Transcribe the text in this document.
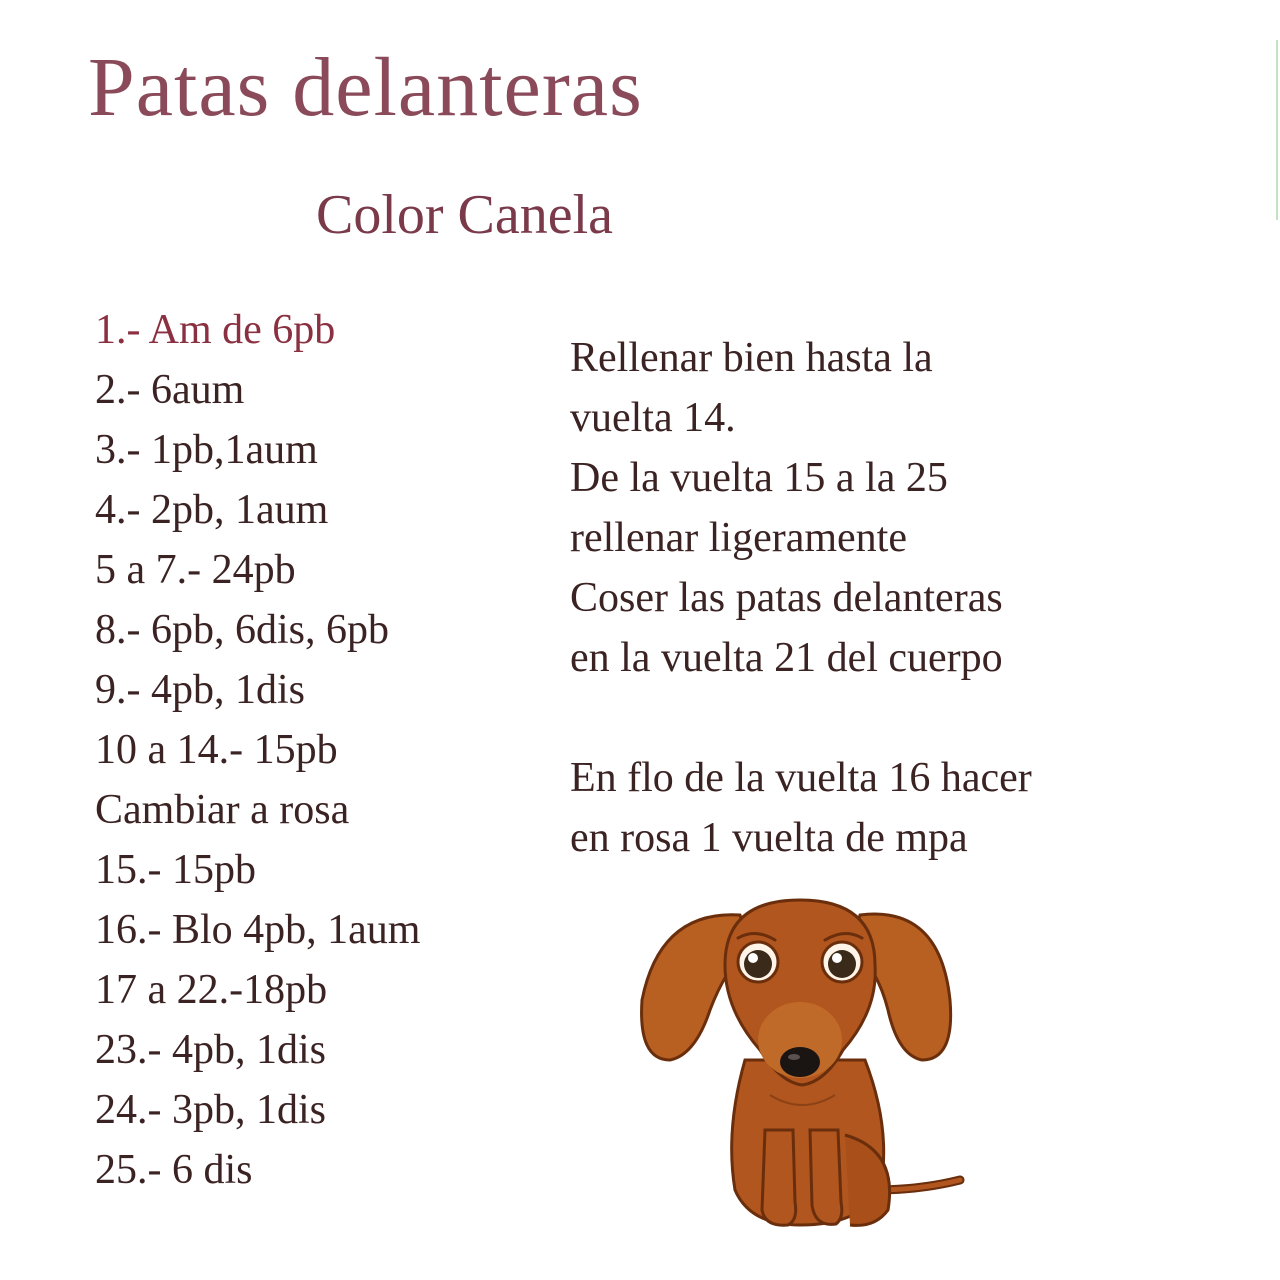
Patas delanteras
Color Canela
1.- Am de 6pb
2.- 6aum
3.- 1pb,1aum
4.- 2pb, 1aum
5 a 7.- 24pb
8.- 6pb, 6dis, 6pb
9.- 4pb, 1dis
10 a 14.- 15pb
Cambiar a rosa
15.- 15pb
16.- Blo 4pb, 1aum
17 a 22.-18pb
23.- 4pb, 1dis
24.- 3pb, 1dis
25.- 6 dis
Rellenar bien hasta la
vuelta 14.
De la vuelta 15 a la 25
rellenar ligeramente
Coser las patas delanteras
en la vuelta 21 del cuerpo
En flo de la vuelta 16 hacer
en rosa 1 vuelta de mpa
